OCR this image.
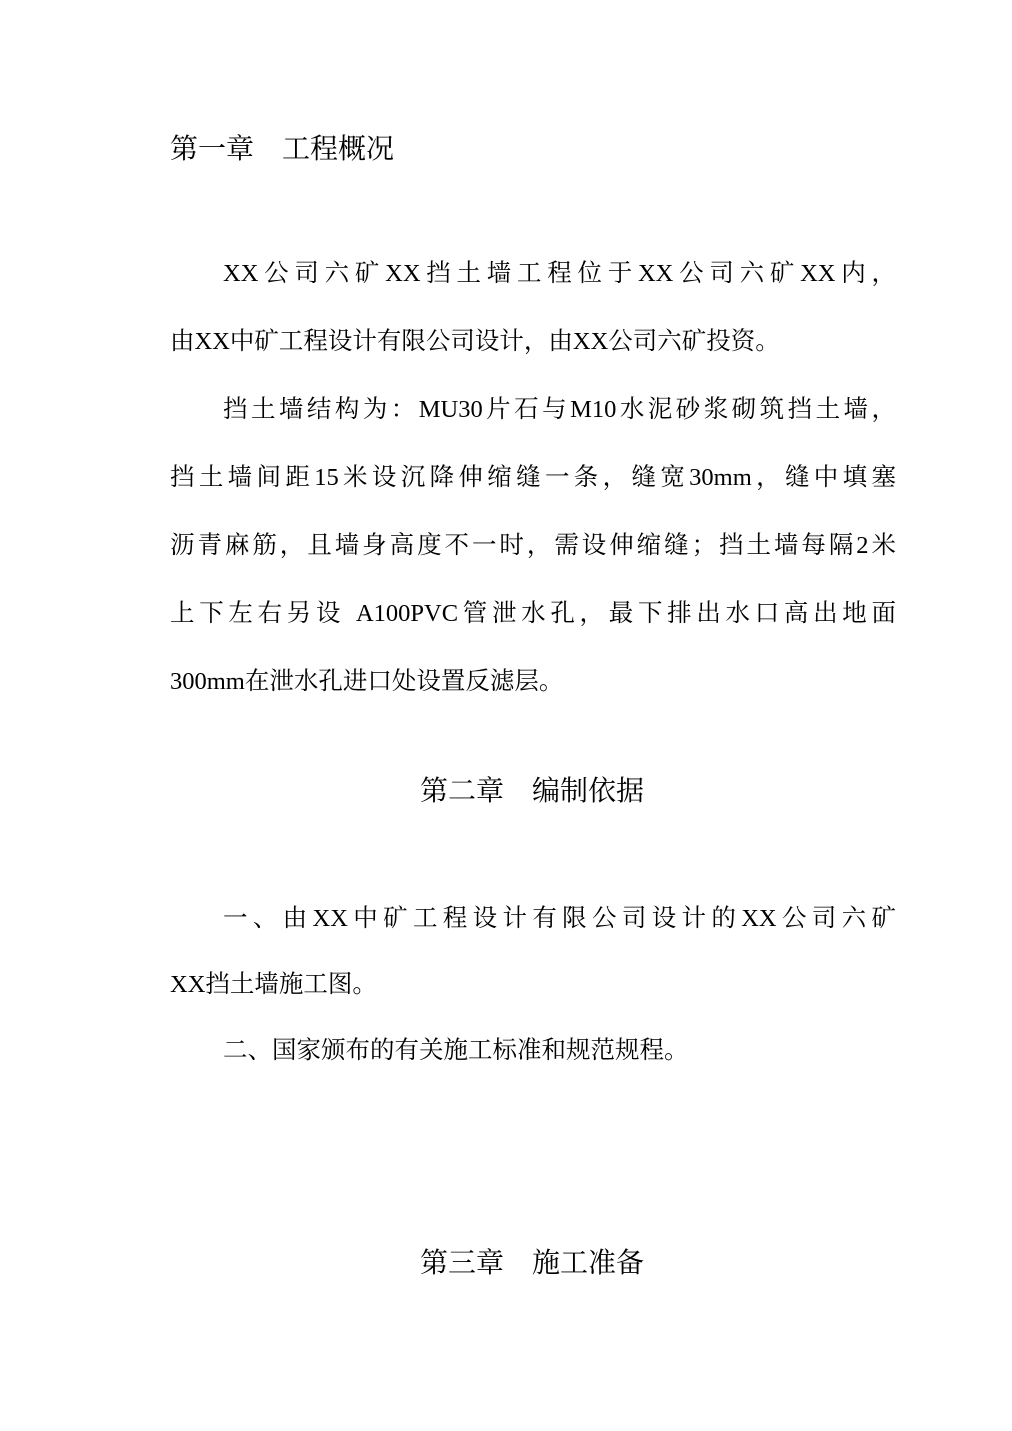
第一章　工程概况

XX公司六矿XX挡土墙工程位于XX公司六矿XX内，

由XX中矿工程设计有限公司设计，由XX公司六矿投资。

挡土墙结构为：MU30片石与M10水泥砂浆砌筑挡土墙，

挡土墙间距15米设沉降伸缩缝一条，缝宽30mm，缝中填塞

沥青麻筋，且墙身高度不一时，需设伸缩缝；挡土墙每隔2米

上下左右另设 A100PVC管泄水孔，最下排出水口高出地面

300mm在泄水孔进口处设置反滤层。

第二章　编制依据

一、由XX中矿工程设计有限公司设计的XX公司六矿

XX挡土墙施工图。

二、国家颁布的有关施工标准和规范规程。

第三章　施工准备
